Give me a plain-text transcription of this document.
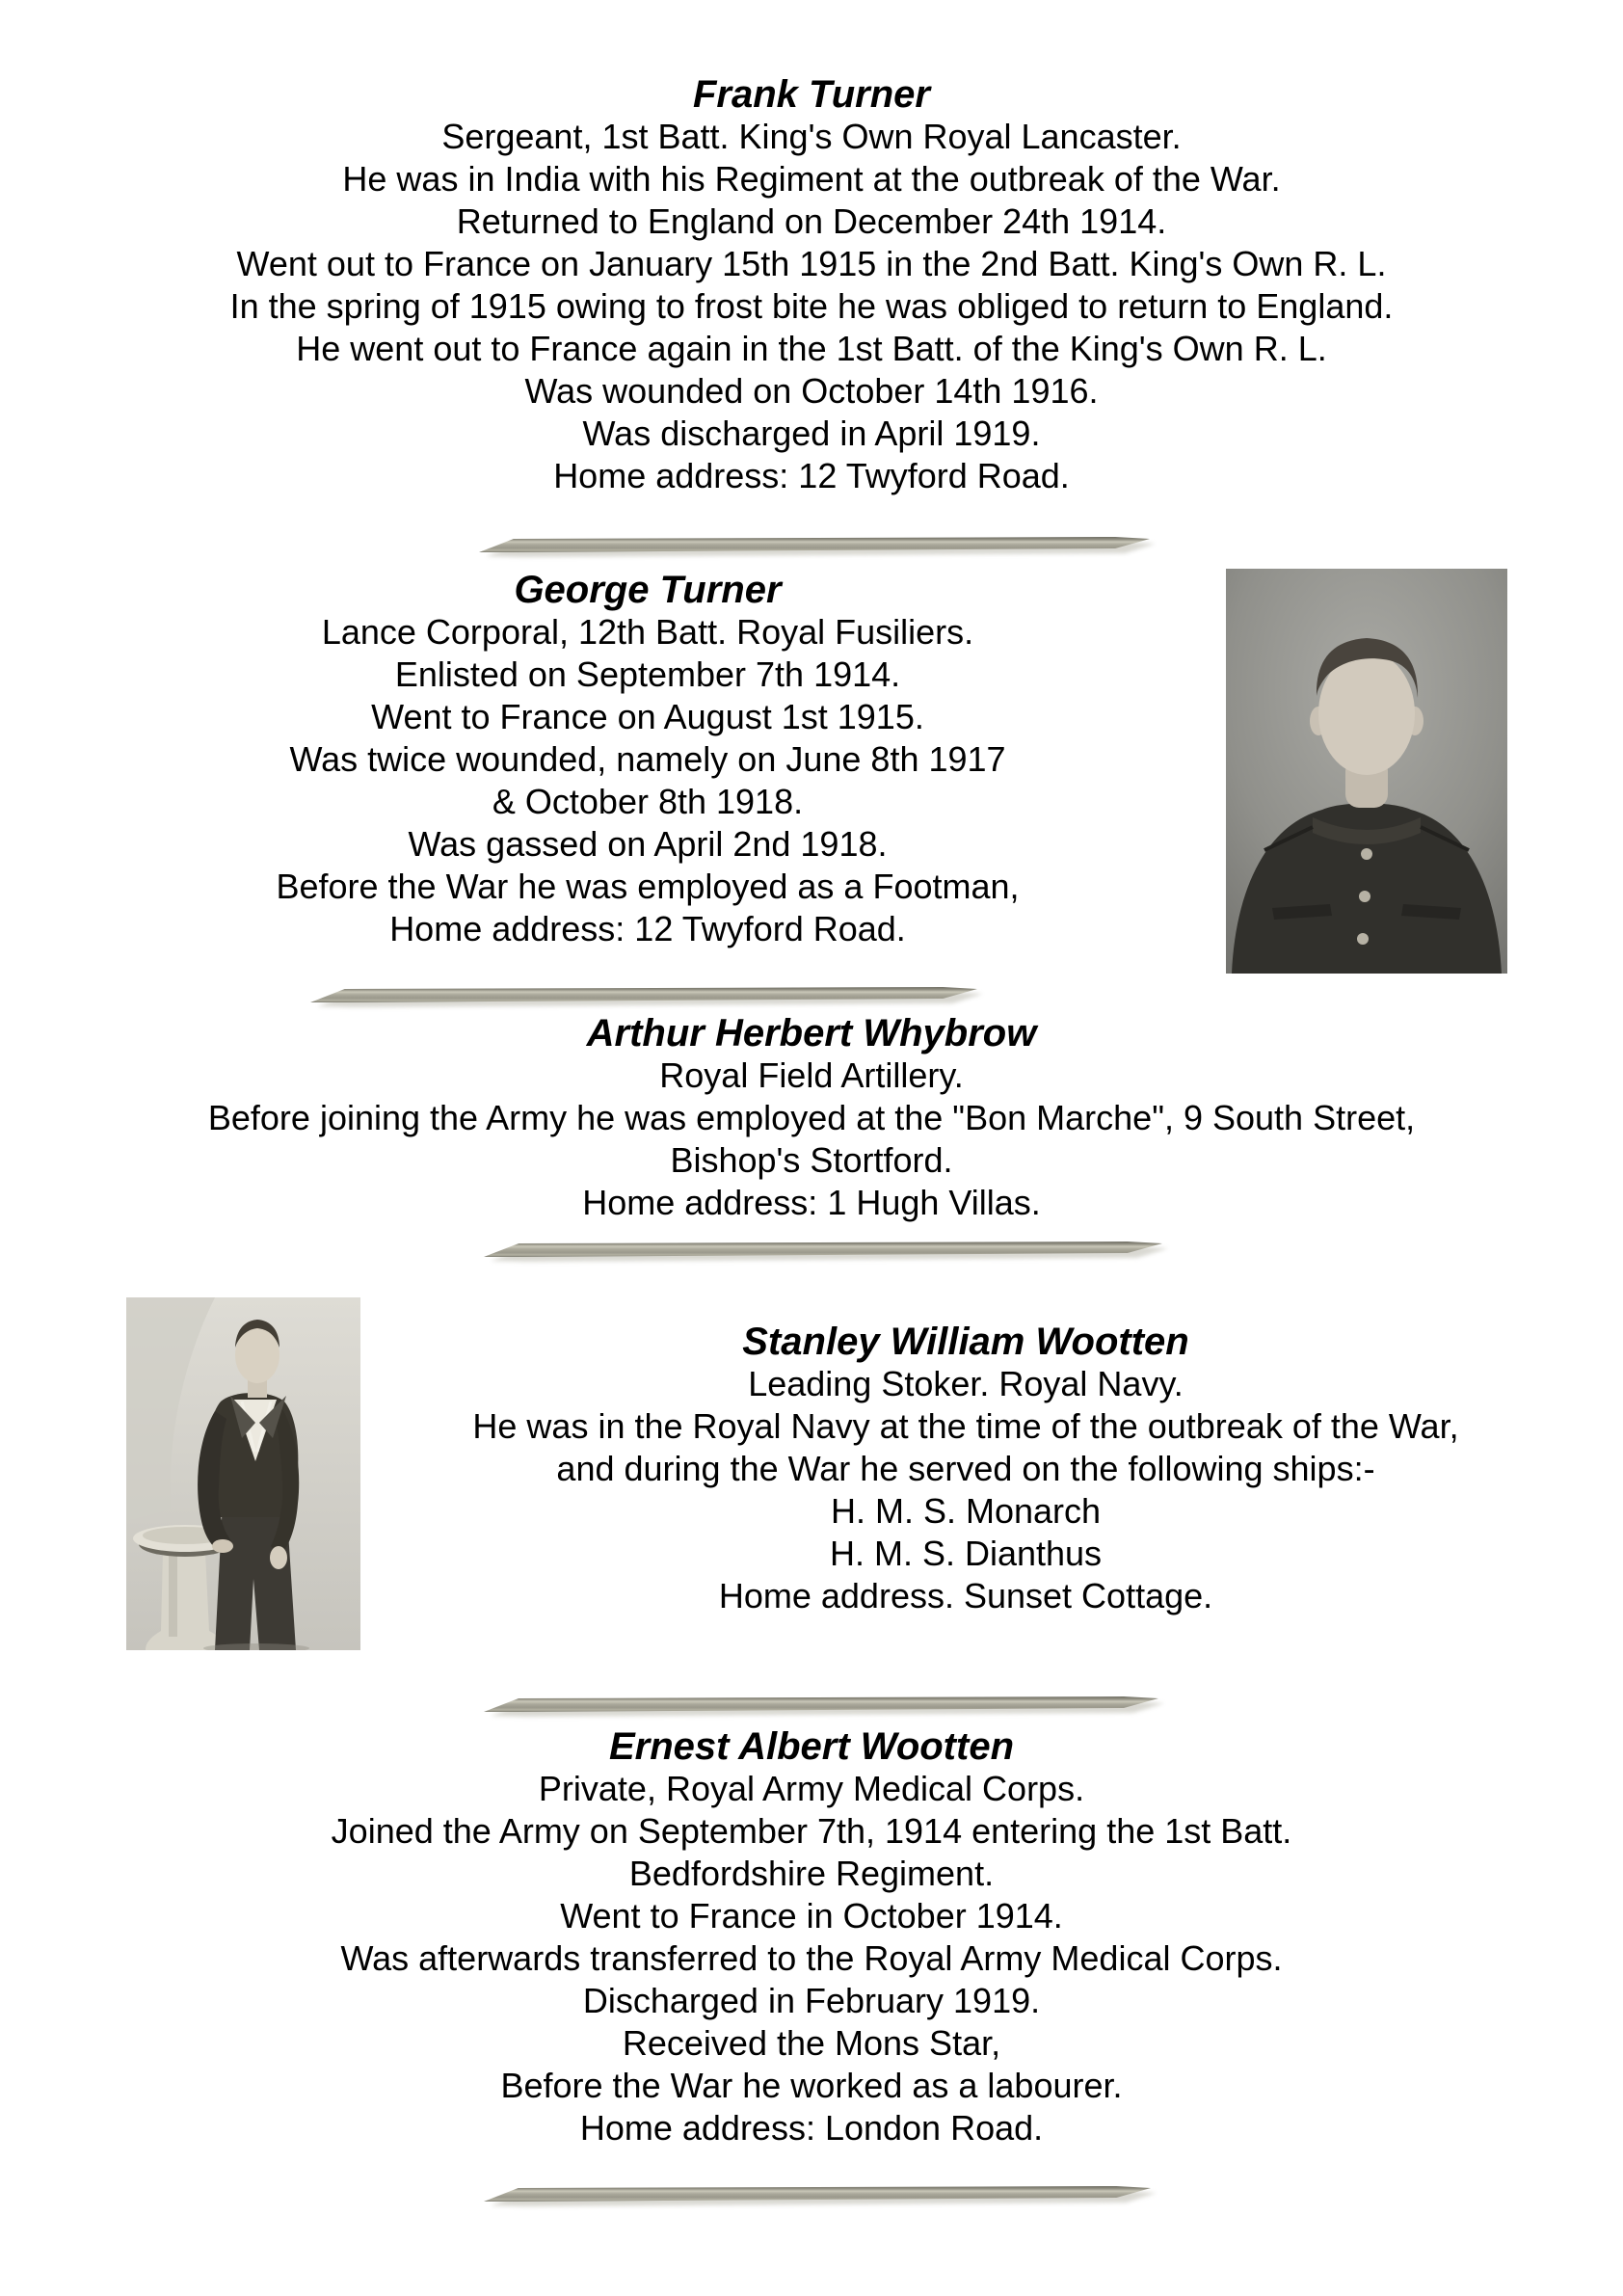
Frank Turner
Sergeant, 1st Batt. King's Own Royal Lancaster.
He was in India with his Regiment at the outbreak of the War.
Returned to England on December 24th 1914.
Went out to France on January 15th 1915 in the 2nd Batt. King's Own R. L.
In the spring of 1915 owing to frost bite he was obliged to return to England.
He went out to France again in the 1st Batt. of the King's Own R. L.
Was wounded on October 14th 1916.
Was discharged in April 1919.
Home address: 12 Twyford Road.
George Turner
Lance Corporal, 12th Batt. Royal Fusiliers.
Enlisted on September 7th 1914.
Went to France on August 1st 1915.
Was twice wounded, namely on June 8th 1917
& October 8th 1918.
Was gassed on April 2nd 1918.
Before the War he was employed as a Footman,
Home address: 12 Twyford Road.
Arthur Herbert Whybrow
Royal Field Artillery.
Before joining the Army he was employed at the "Bon Marche", 9 South Street,
Bishop's Stortford.
Home address: 1 Hugh Villas.
Stanley William Wootten
Leading Stoker. Royal Navy.
He was in the Royal Navy at the time of the outbreak of the War,
and during the War he served on the following ships:-
H. M. S. Monarch
H. M. S. Dianthus
Home address. Sunset Cottage.
Ernest Albert Wootten
Private, Royal Army Medical Corps.
Joined the Army on September 7th, 1914 entering the 1st Batt.
Bedfordshire Regiment.
Went to France in October 1914.
Was afterwards transferred to the Royal Army Medical Corps.
Discharged in February 1919.
Received the Mons Star,
Before the War he worked as a labourer.
Home address: London Road.
